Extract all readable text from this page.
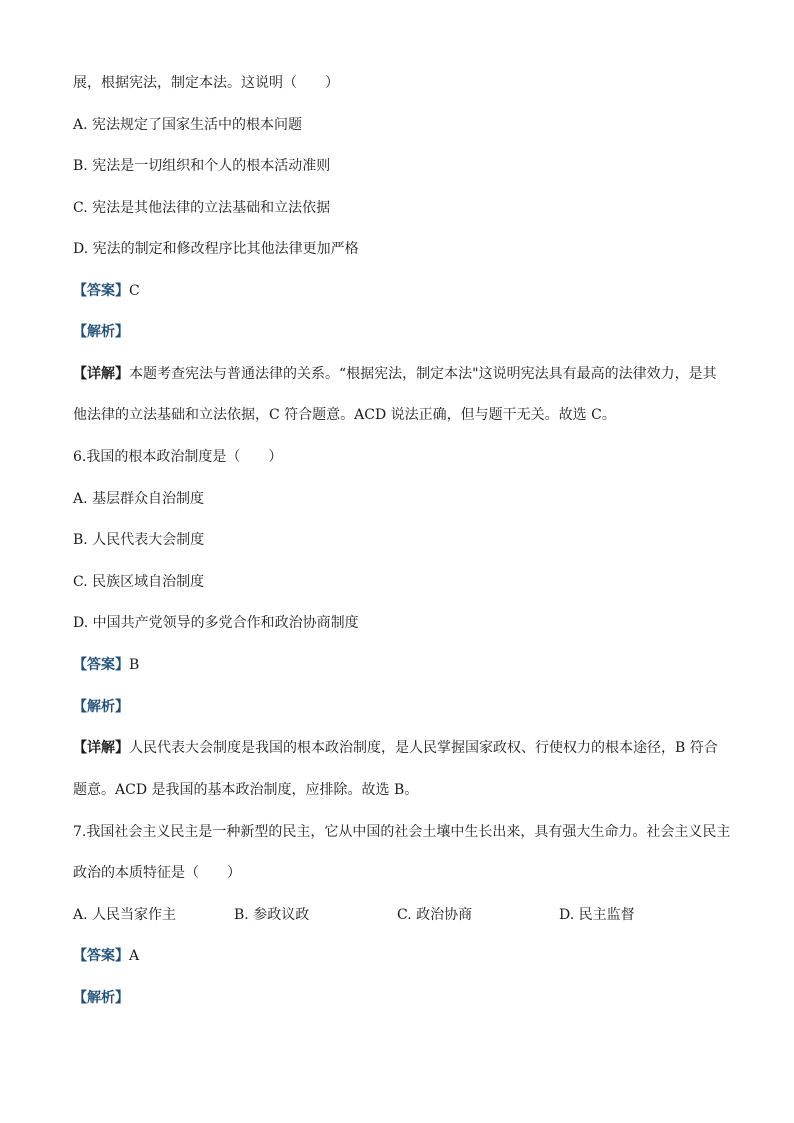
展，根据宪法，制定本法。这说明（　　）
A. 宪法规定了国家生活中的根本问题
B. 宪法是一切组织和个人的根本活动准则
C. 宪法是其他法律的立法基础和立法依据
D. 宪法的制定和修改程序比其他法律更加严格
【答案】C
【解析】
【详解】本题考查宪法与普通法律的关系。“根据宪法，制定本法"这说明宪法具有最高的法律效力，是其
他法律的立法基础和立法依据，C 符合题意。ACD 说法正确，但与题干无关。故选 C。
6.我国的根本政治制度是（　　）
A. 基层群众自治制度
B. 人民代表大会制度
C. 民族区域自治制度
D. 中国共产党领导的多党合作和政治协商制度
【答案】B
【解析】
【详解】人民代表大会制度是我国的根本政治制度，是人民掌握国家政权、行使权力的根本途径，B 符合
题意。ACD 是我国的基本政治制度，应排除。故选 B。
7.我国社会主义民主是一种新型的民主，它从中国的社会土壤中生长出来，具有强大生命力。社会主义民主
政治的本质特征是（　　）
A. 人民当家作主	B. 参政议政	C. 政治协商	D. 民主监督
【答案】A
【解析】
